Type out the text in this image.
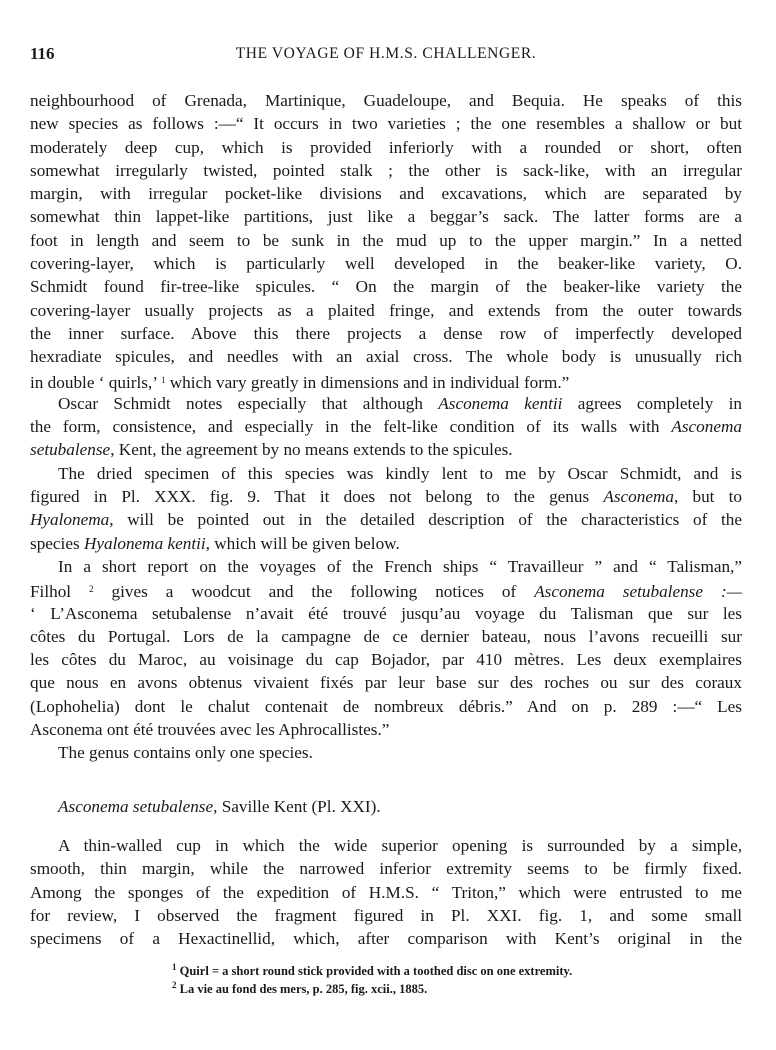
116	THE VOYAGE OF H.M.S. CHALLENGER.
neighbourhood of Grenada, Martinique, Guadeloupe, and Bequia. He speaks of this
new species as follows :—“ It occurs in two varieties ; the one resembles a shallow or but
moderately deep cup, which is provided inferiorly with a rounded or short, often
somewhat irregularly twisted, pointed stalk ; the other is sack-like, with an irregular
margin, with irregular pocket-like divisions and excavations, which are separated by
somewhat thin lappet-like partitions, just like a beggar’s sack. The latter forms are a
foot in length and seem to be sunk in the mud up to the upper margin.” In a netted
covering-layer, which is particularly well developed in the beaker-like variety, O.
Schmidt found fir-tree-like spicules. “ On the margin of the beaker-like variety the
covering-layer usually projects as a plaited fringe, and extends from the outer towards
the inner surface. Above this there projects a dense row of imperfectly developed
hexradiate spicules, and needles with an axial cross. The whole body is unusually rich
in double ‘ quirls,’ $^1$ which vary greatly in dimensions and in individual form.”
Oscar Schmidt notes especially that although Asconema kentii agrees completely in
the form, consistence, and especially in the felt-like condition of its walls with Asconema
setubalense, Kent, the agreement by no means extends to the spicules.
The dried specimen of this species was kindly lent to me by Oscar Schmidt, and is
figured in Pl. XXX. fig. 9. That it does not belong to the genus Asconema, but to
Hyalonema, will be pointed out in the detailed description of the characteristics of the
species Hyalonema kentii, which will be given below.
In a short report on the voyages of the French ships “ Travailleur ” and “ Talisman,”
Filhol $^2$ gives a woodcut and the following notices of Asconema setubalense :—
‘ L’Asconema setubalense n’avait été trouvé jusqu’au voyage du Talisman que sur les
côtes du Portugal. Lors de la campagne de ce dernier bateau, nous l’avons recueilli sur
les côtes du Maroc, au voisinage du cap Bojador, par 410 mètres. Les deux exemplaires
que nous en avons obtenus vivaient fixés par leur base sur des roches ou sur des coraux
(Lophohelia) dont le chalut contenait de nombreux débris.” And on p. 289 :—“ Les
Asconema ont été trouvées avec les Aphrocallistes.”
The genus contains only one species.
Asconema setubalense, Saville Kent (Pl. XXI).
A thin-walled cup in which the wide superior opening is surrounded by a simple,
smooth, thin margin, while the narrowed inferior extremity seems to be firmly fixed.
Among the sponges of the expedition of H.M.S. “ Triton,” which were entrusted to me
for review, I observed the fragment figured in Pl. XXI. fig. 1, and some small
specimens of a Hexactinellid, which, after comparison with Kent’s original in the
$^1$ Quirl = a short round stick provided with a toothed disc on one extremity.
$^2$ La vie au fond des mers, p. 285, fig. xcii., 1885.
